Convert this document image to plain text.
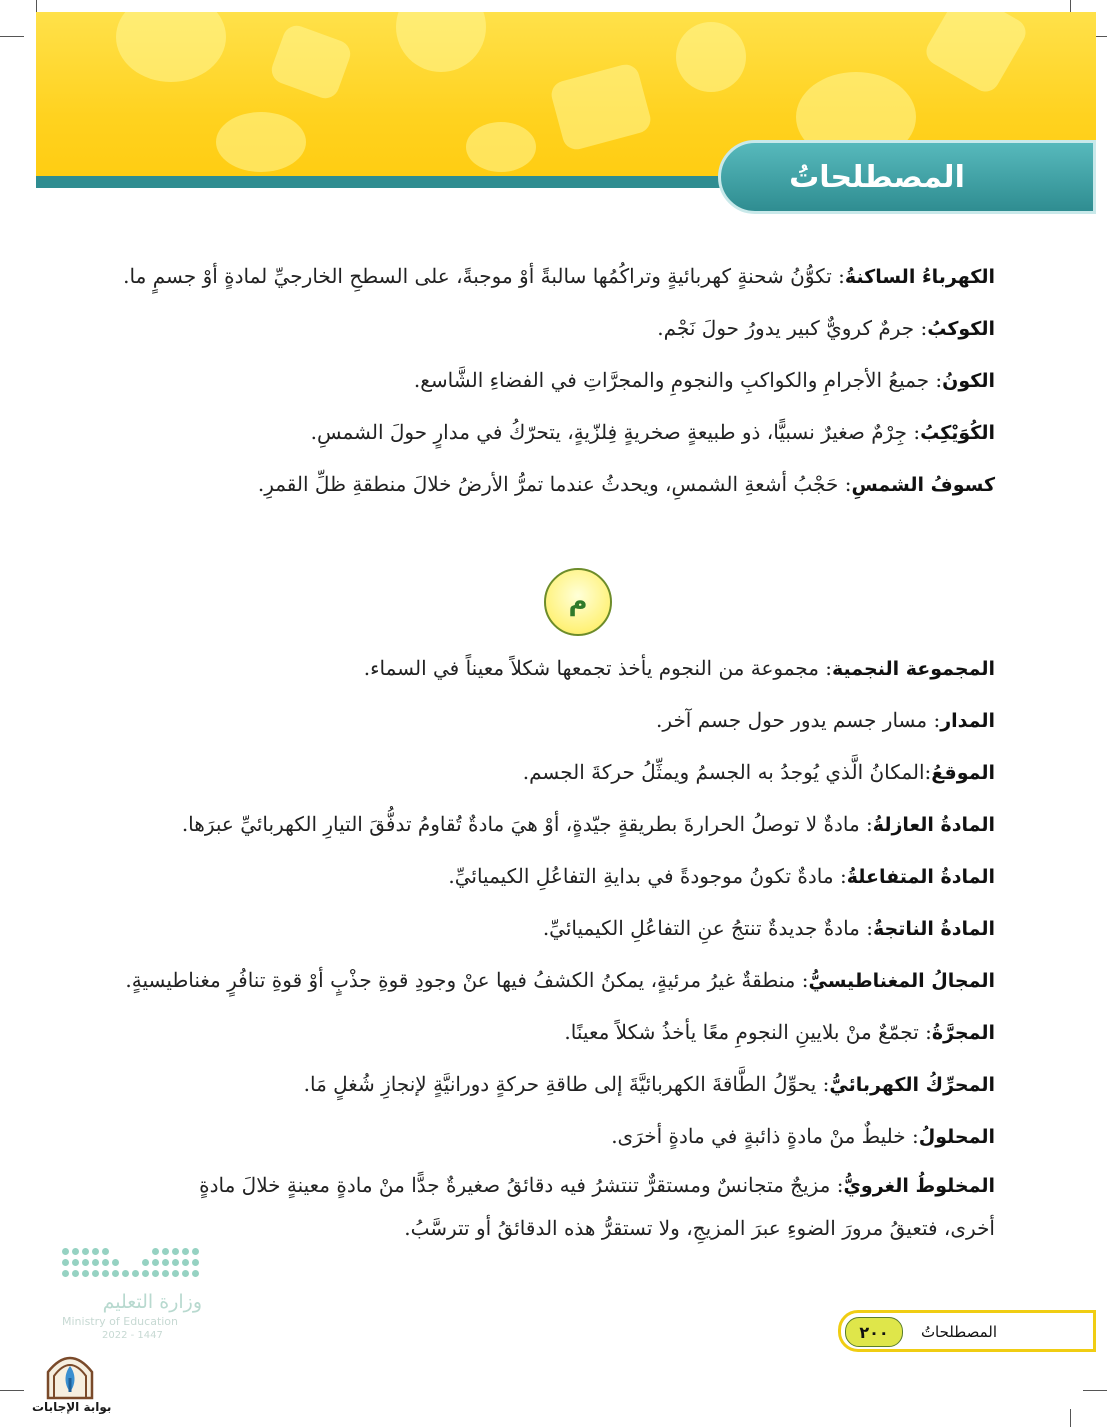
المصطلحاتُ
الكهرباءُ الساكنةُ: تكوُّنُ شحنةٍ كهربائيةٍ وتراكُمُها سالبةً أوْ موجبةً، على السطحِ الخارجيِّ لمادةٍ أوْ جسمٍ ما.
الكوكبُ: جرمٌ كرويٌّ كبير يدورُ حولَ نَجْم.
الكونُ: جميعُ الأجرامِ والكواكبِ والنجومِ والمجرَّاتِ في الفضاءِ الشَّاسع.
الكُوَيْكِبُ: جِرْمٌ صغيرٌ نسبيًّا، ذو طبيعةٍ صخريةٍ فِلزّيةٍ، يتحرّكُ في مدارٍ حولَ الشمسِ.
كسوفُ الشمسِ: حَجْبُ أشعةِ الشمسِ، ويحدثُ عندما تمرُّ الأرضُ خلالَ منطقةِ ظلِّ القمرِ.
م
المجموعة النجمية: مجموعة من النجوم يأخذ تجمعها شكلاً معيناً في السماء.
المدار: مسار جسم يدور حول جسم آخر.
الموقعُ:المكانُ الَّذي يُوجدُ به الجسمُ ويمثِّلُ حركةَ الجسم.
المادةُ العازلةُ: مادةٌ لا توصلُ الحرارةَ بطريقةٍ جيّدةٍ، أوْ هيَ مادةٌ تُقاومُ تدفُّقَ التيارِ الكهربائيِّ عبرَها.
المادةُ المتفاعلةُ: مادةٌ تكونُ موجودةً في بدايةِ التفاعُلِ الكيميائيِّ.
المادةُ الناتجةُ: مادةٌ جديدةٌ تنتجُ عنِ التفاعُلِ الكيميائيِّ.
المجالُ المغناطيسيُّ: منطقةٌ غيرُ مرئيةٍ، يمكنُ الكشفُ فيها عنْ وجودِ قوةِ جذْبٍ أوْ قوةِ تنافُرٍ مغناطيسيةٍ.
المجرَّةُ: تجمّعٌ منْ بلايينِ النجومِ معًا يأخذُ شكلاً معينًا.
المحرِّكُ الكهربائيُّ: يحوِّلُ الطَّاقةَ الكهربائيَّةَ إلى طاقةِ حركةٍ دورانيَّةٍ لإنجازِ شُغلٍ مَا.
المحلولُ: خليطٌ منْ مادةٍ ذائبةٍ في مادةٍ أخرَى.
المخلوطُ الغرويُّ: مزيجٌ متجانسٌ ومستقرٌّ تنتشرُ فيه دقائقُ صغيرةٌ جدًّا منْ مادةٍ معينةٍ خلالَ مادةٍ أخرى، فتعيقُ مرورَ الضوءِ عبرَ المزيجِ، ولا تستقرُّ هذه الدقائقُ أو تترسَّبُ.
وزارة التعليم
Ministry of Education
2022 - 1447	٢٠٠	المصطلحاتُ
بوابة الإجابات
